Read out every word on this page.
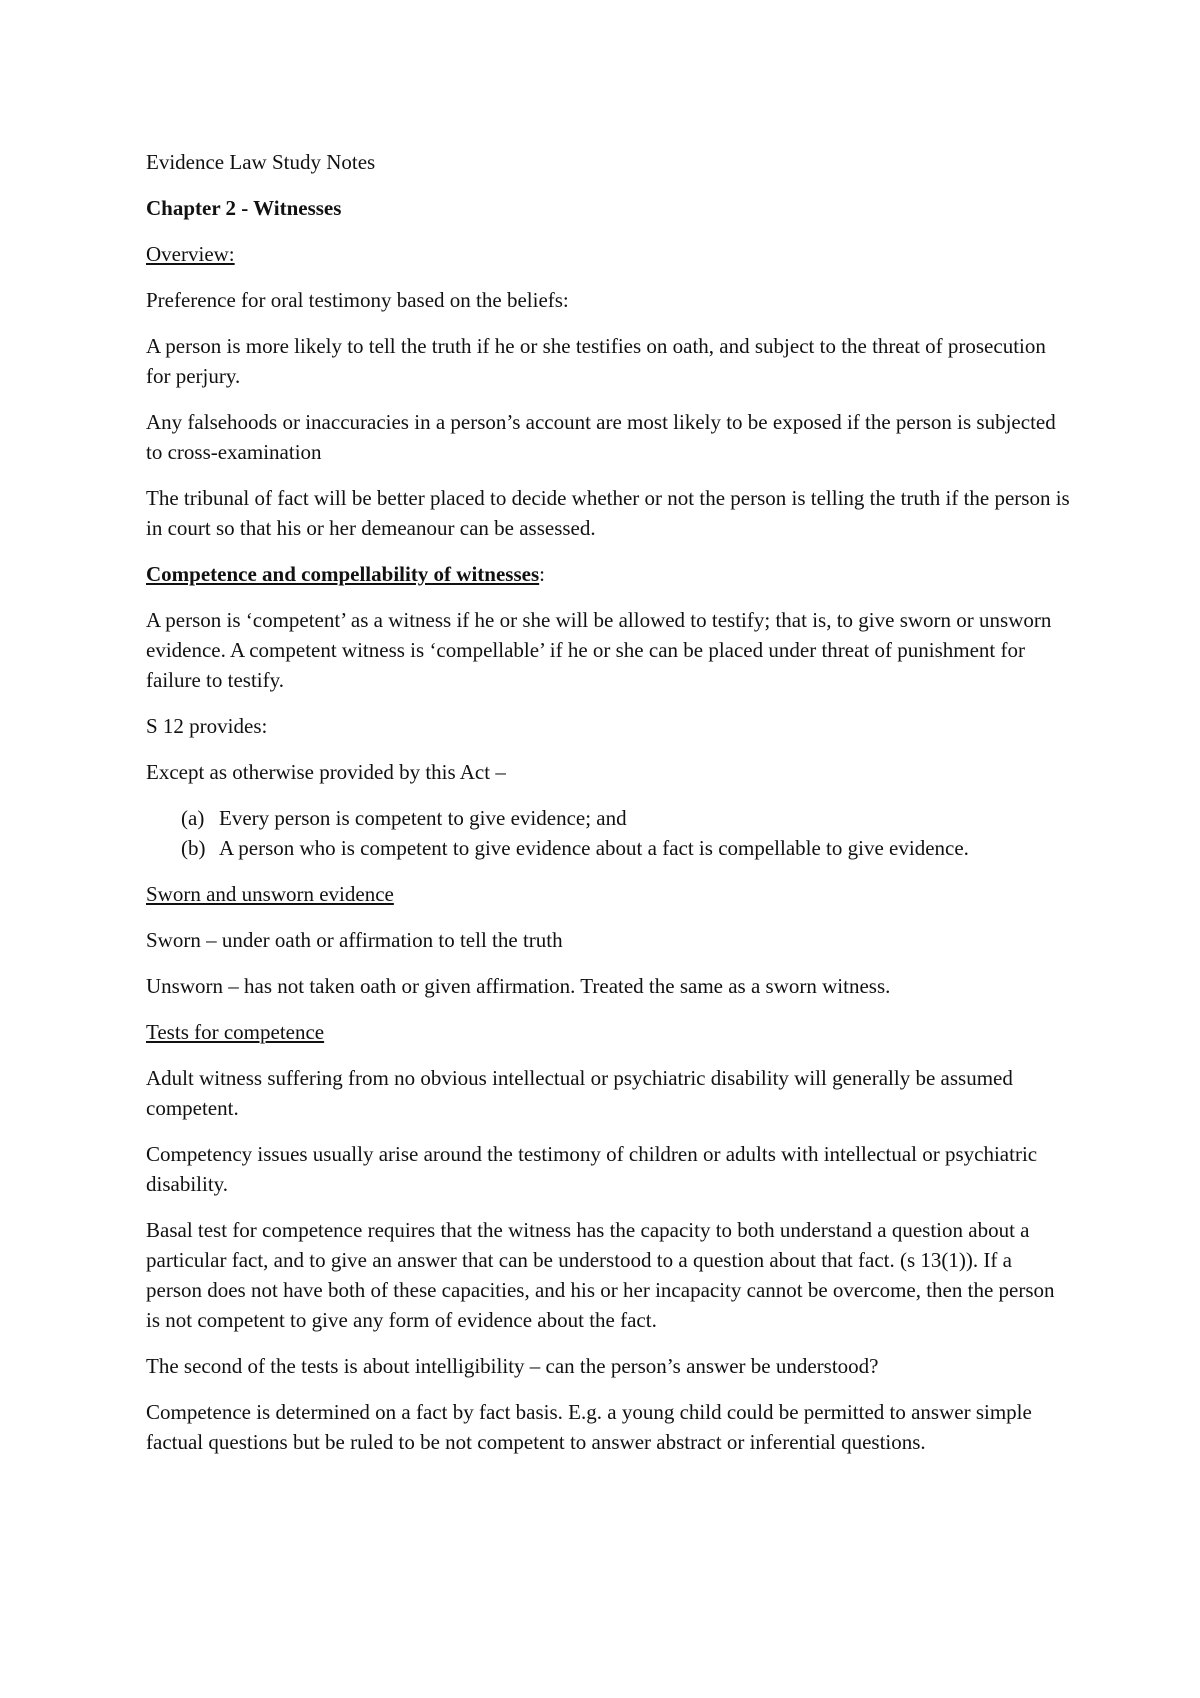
Evidence Law Study Notes

Chapter 2 - Witnesses

Overview:

Preference for oral testimony based on the beliefs:

A person is more likely to tell the truth if he or she testifies on oath, and subject to the threat of prosecution for perjury.

Any falsehoods or inaccuracies in a person’s account are most likely to be exposed if the person is subjected to cross-examination

The tribunal of fact will be better placed to decide whether or not the person is telling the truth if the person is in court so that his or her demeanour can be assessed.

Competence and compellability of witnesses:

A person is ‘competent’ as a witness if he or she will be allowed to testify; that is, to give sworn or unsworn evidence. A competent witness is ‘compellable’ if he or she can be placed under threat of punishment for failure to testify.

S 12 provides:

Except as otherwise provided by this Act –

(a) Every person is competent to give evidence; and
(b) A person who is competent to give evidence about a fact is compellable to give evidence.

Sworn and unsworn evidence

Sworn – under oath or affirmation to tell the truth

Unsworn – has not taken oath or given affirmation. Treated the same as a sworn witness.

Tests for competence

Adult witness suffering from no obvious intellectual or psychiatric disability will generally be assumed competent.

Competency issues usually arise around the testimony of children or adults with intellectual or psychiatric disability.

Basal test for competence requires that the witness has the capacity to both understand a question about a particular fact, and to give an answer that can be understood to a question about that fact. (s 13(1)). If a person does not have both of these capacities, and his or her incapacity cannot be overcome, then the person is not competent to give any form of evidence about the fact.

The second of the tests is about intelligibility – can the person’s answer be understood?

Competence is determined on a fact by fact basis. E.g. a young child could be permitted to answer simple factual questions but be ruled to be not competent to answer abstract or inferential questions.
